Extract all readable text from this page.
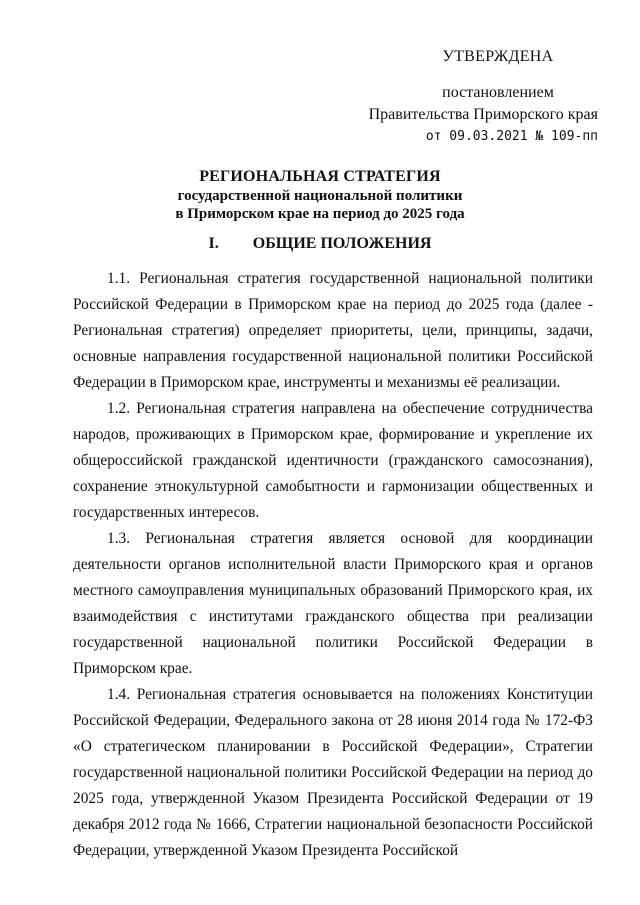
УТВЕРЖДЕНА
постановлением
Правительства Приморского края
от 09.03.2021 № 109-пп
РЕГИОНАЛЬНАЯ СТРАТЕГИЯ
государственной национальной политики
в Приморском крае на период до 2025 года
I. ОБЩИЕ ПОЛОЖЕНИЯ

1.1. Региональная стратегия государственной национальной политики Российской Федерации в Приморском крае на период до 2025 года (далее - Региональная стратегия) определяет приоритеты, цели, принципы, задачи, основные направления государственной национальной политики Российской Федерации в Приморском крае, инструменты и механизмы её реализации.

1.2. Региональная стратегия направлена на обеспечение сотрудничества народов, проживающих в Приморском крае, формирование и укрепление их общероссийской гражданской идентичности (гражданского самосознания), сохранение этнокультурной самобытности и гармонизации общественных и государственных интересов.

1.3. Региональная стратегия является основой для координации деятельности органов исполнительной власти Приморского края и органов местного самоуправления муниципальных образований Приморского края, их взаимодействия с институтами гражданского общества при реализации государственной национальной политики Российской Федерации в Приморском крае.

1.4. Региональная стратегия основывается на положениях Конституции Российской Федерации, Федерального закона от 28 июня 2014 года № 172-ФЗ «О стратегическом планировании в Российской Федерации», Стратегии государственной национальной политики Российской Федерации на период до 2025 года, утвержденной Указом Президента Российской Федерации от 19 декабря 2012 года № 1666, Стратегии национальной безопасности Российской Федерации, утвержденной Указом Президента Российской
